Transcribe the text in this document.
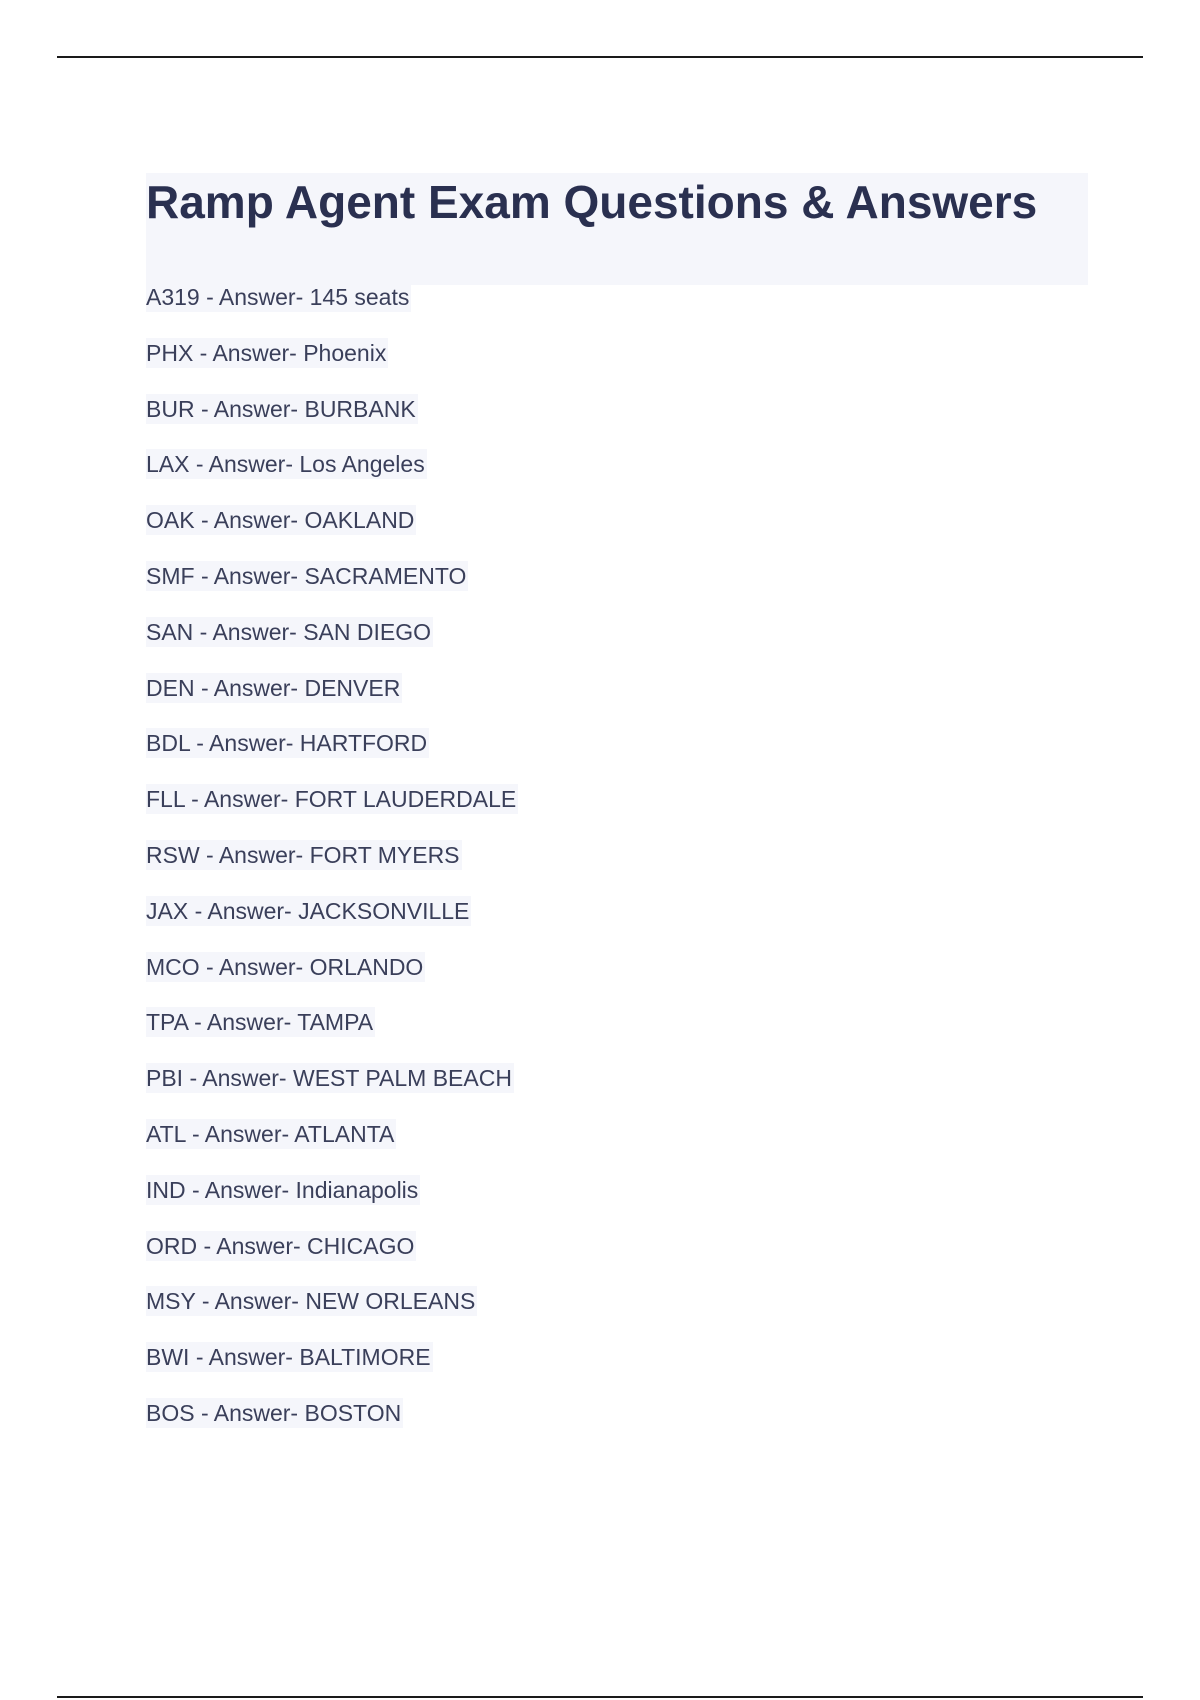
Ramp Agent Exam Questions & Answers
A319 - Answer- 145 seats
PHX - Answer- Phoenix
BUR - Answer- BURBANK
LAX - Answer- Los Angeles
OAK - Answer- OAKLAND
SMF - Answer- SACRAMENTO
SAN - Answer- SAN DIEGO
DEN - Answer- DENVER
BDL - Answer- HARTFORD
FLL - Answer- FORT LAUDERDALE
RSW - Answer- FORT MYERS
JAX - Answer- JACKSONVILLE
MCO - Answer- ORLANDO
TPA - Answer- TAMPA
PBI - Answer- WEST PALM BEACH
ATL - Answer- ATLANTA
IND - Answer- Indianapolis
ORD - Answer- CHICAGO
MSY - Answer- NEW ORLEANS
BWI - Answer- BALTIMORE
BOS - Answer- BOSTON
